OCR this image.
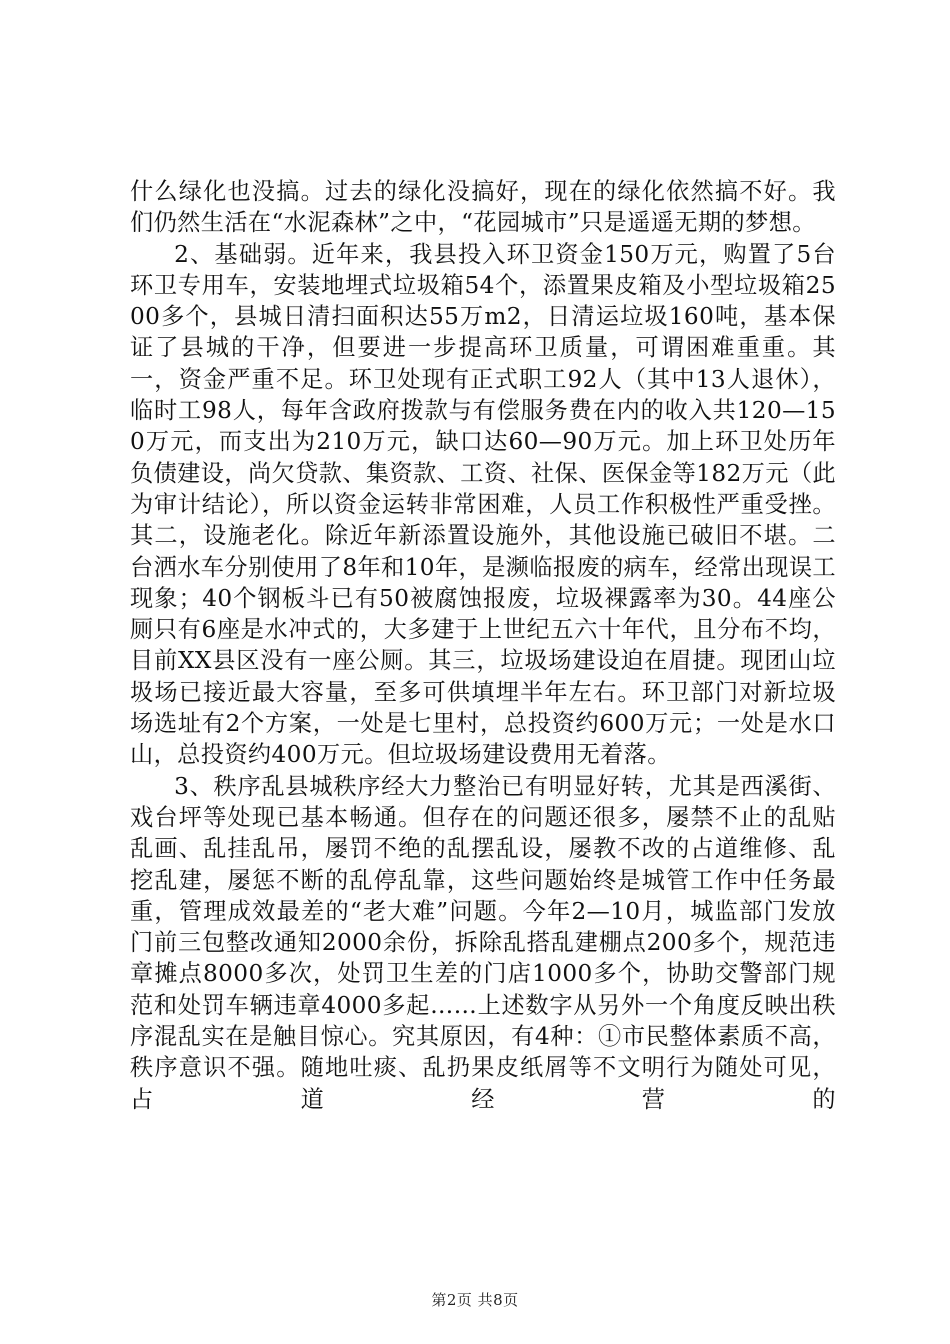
什么绿化也没搞。过去的绿化没搞好，现在的绿化依然搞不好。我们仍然生活在“水泥森林”之中，“花园城市”只是遥遥无期的梦想。

2、基础弱。近年来，我县投入环卫资金150万元，购置了5台环卫专用车，安装地埋式垃圾箱54个，添置果皮箱及小型垃圾箱2500多个，县城日清扫面积达55万m2，日清运垃圾160吨，基本保证了县城的干净，但要进一步提高环卫质量，可谓困难重重。其一，资金严重不足。环卫处现有正式职工92人（其中13人退休），临时工98人，每年含政府拨款与有偿服务费在内的收入共120—150万元，而支出为210万元，缺口达60—90万元。加上环卫处历年负债建设，尚欠贷款、集资款、工资、社保、医保金等182万元（此为审计结论），所以资金运转非常困难，人员工作积极性严重受挫。其二，设施老化。除近年新添置设施外，其他设施已破旧不堪。二台洒水车分别使用了8年和10年，是濒临报废的病车，经常出现误工现象；40个钢板斗已有50被腐蚀报废，垃圾裸露率为30。44座公厕只有6座是水冲式的，大多建于上世纪五六十年代，且分布不均，目前XX县区没有一座公厕。其三，垃圾场建设迫在眉捷。现团山垃圾场已接近最大容量，至多可供填埋半年左右。环卫部门对新垃圾场选址有2个方案，一处是七里村，总投资约600万元；一处是水口山，总投资约400万元。但垃圾场建设费用无着落。

3、秩序乱县城秩序经大力整治已有明显好转，尤其是西溪街、戏台坪等处现已基本畅通。但存在的问题还很多，屡禁不止的乱贴乱画、乱挂乱吊，屡罚不绝的乱摆乱设，屡教不改的占道维修、乱挖乱建，屡惩不断的乱停乱靠，这些问题始终是城管工作中任务最重，管理成效最差的“老大难”问题。今年2—10月，城监部门发放门前三包整改通知2000余份，拆除乱搭乱建棚点200多个，规范违章摊点8000多次，处罚卫生差的门店1000多个，协助交警部门规范和处罚车辆违章4000多起……上述数字从另外一个角度反映出秩序混乱实在是触目惊心。究其原因，有4种：①市民整体素质不高，秩序意识不强。随地吐痰、乱扔果皮纸屑等不文明行为随处可见，占道经营的

第2页 共8页
